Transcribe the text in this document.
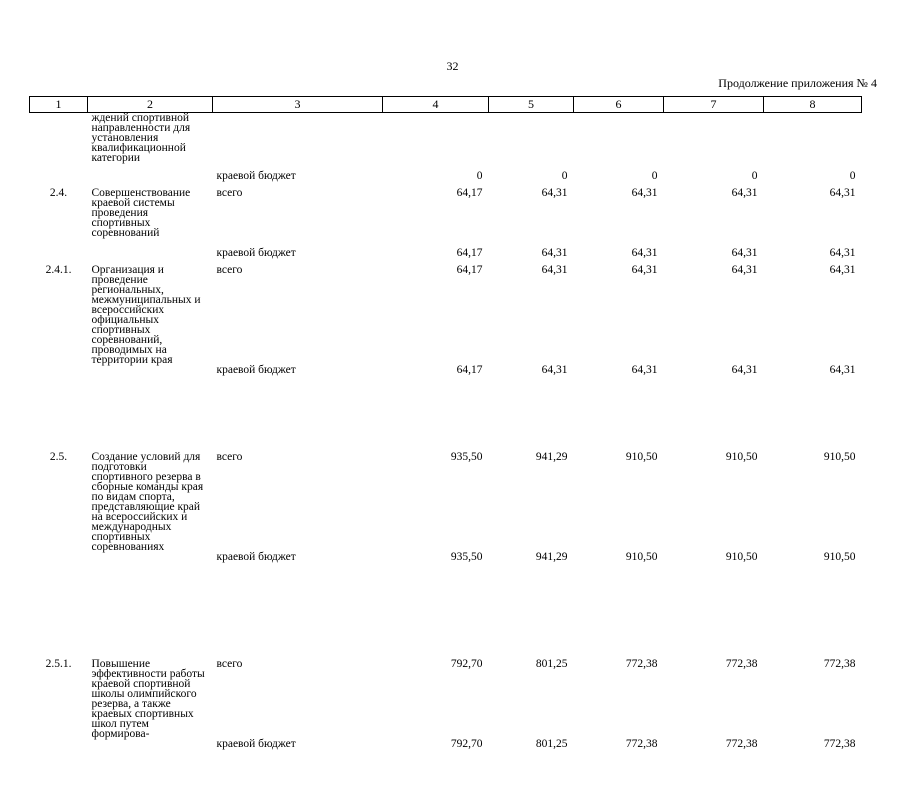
32
Продолжение приложения № 4
1	2	3	4	5	6	7	8
	ждений спортивной направленности для установления квалификационной категории						
		краевой бюджет	0	0	0	0	0
2.4.	Совершенствование краевой системы проведения спортивных соревнований	всего	64,17	64,31	64,31	64,31	64,31
		краевой бюджет	64,17	64,31	64,31	64,31	64,31
2.4.1.	Организация и проведение региональных, межмуниципальных и всероссийских официальных спортивных соревнований, проводимых на территории края	всего	64,17	64,31	64,31	64,31	64,31
		краевой бюджет	64,17	64,31	64,31	64,31	64,31
2.5.	Создание условий для подготовки спортивного резерва в сборные команды края по видам спорта, представляющие край на всероссийских и международных спортивных соревнованиях	всего	935,50	941,29	910,50	910,50	910,50
		краевой бюджет	935,50	941,29	910,50	910,50	910,50
2.5.1.	Повышение эффективности работы краевой спортивной школы олимпийского резерва, а также краевых спортивных школ путем формирова-	всего	792,70	801,25	772,38	772,38	772,38
		краевой бюджет	792,70	801,25	772,38	772,38	772,38
